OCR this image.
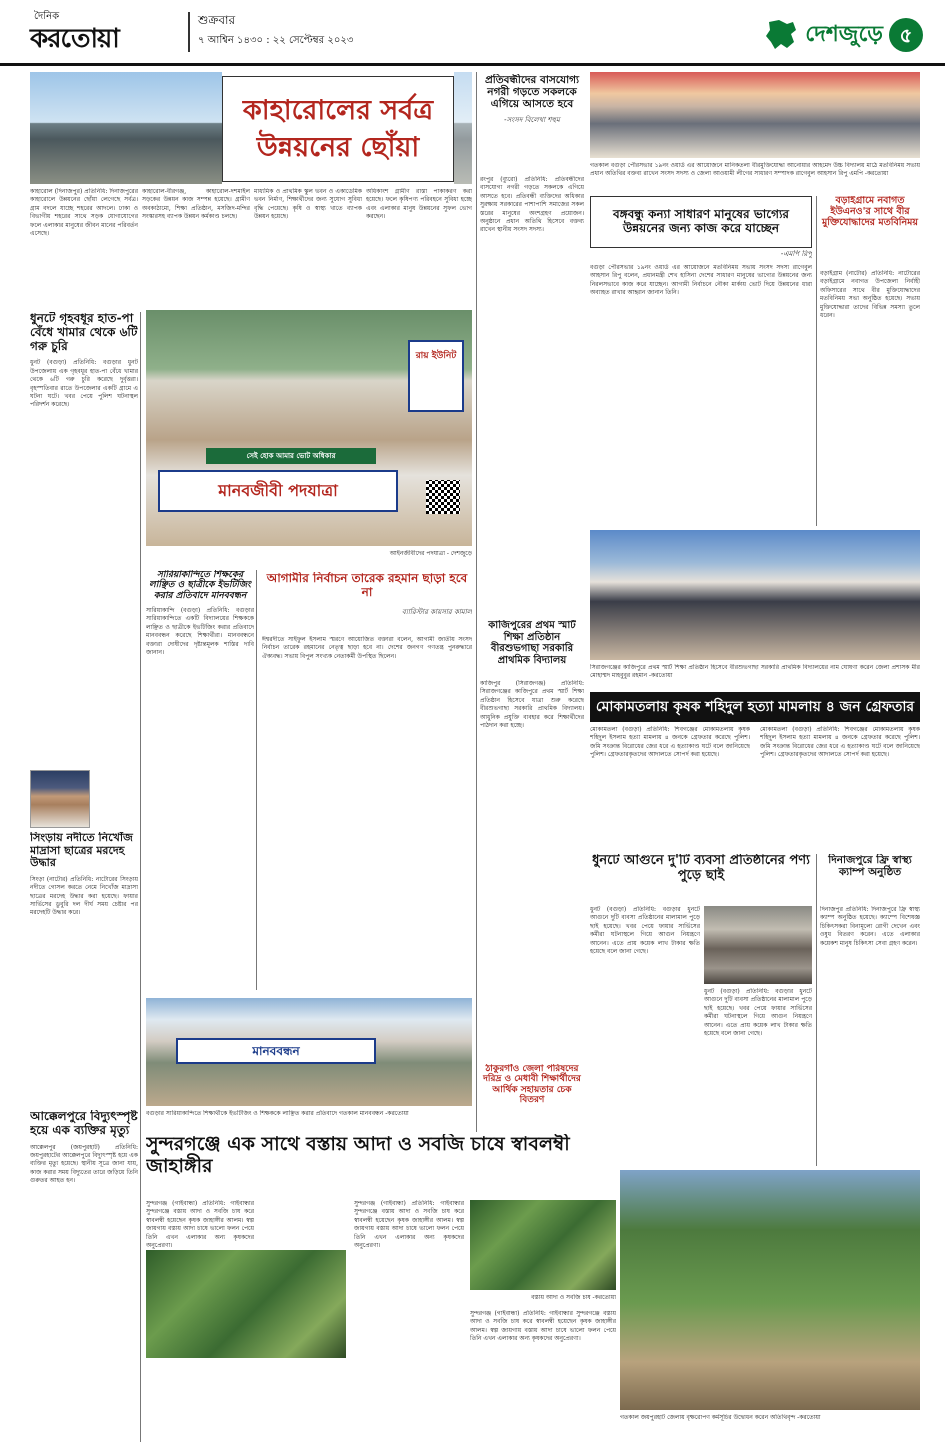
দৈনিক
করতোয়া
শুক্রবার
৭ আশ্বিন ১৪৩০ : ২২ সেপ্টেম্বর ২০২৩	দেশজুড়ে ৫
কাহারোলের সর্বত্র
উন্নয়নের ছোঁয়া
কাহারোল (দিনাজপুর) প্রতিনিধি: দিনাজপুরের কাহারোলে উন্নয়নের ছোঁয়া লেগেছে সর্বত্র। গ্রাম বদলে যাচ্ছে শহরের আদলে। ঢাকা ও বিভাগীয় শহরের সাথে সড়ক যোগাযোগের ফলে এলাকার মানুষের জীবন মানের পরিবর্তন এসেছে।
কাহারোল-বীরগঞ্জ, কাহারোল-দশমাইল সড়কের উন্নয়ন কাজ সম্পন্ন হয়েছে। গ্রামীণ অবকাঠামো, শিক্ষা প্রতিষ্ঠান, মসজিদ-মন্দির সংস্কারসহ ব্যাপক উন্নয়ন কর্মকাণ্ড চলছে।
মাধ্যমিক ও প্রাথমিক স্কুল ভবন ও একাডেমিক ভবন নির্মাণ, শিক্ষার্থীদের জন্য সুযোগ সুবিধা বৃদ্ধি পেয়েছে। কৃষি ও স্বাস্থ্য খাতে ব্যাপক উন্নয়ন হয়েছে।
অধিকাংশ গ্রামীণ রাস্তা পাকাকরণ করা হয়েছে। ফলে কৃষিপণ্য পরিবহনে সুবিধা হচ্ছে এবং এলাকার মানুষ উন্নয়নের সুফল ভোগ করছেন।
ধুনটে গৃহবধূর হাত-পা বেঁধে খামার থেকে ৬টি গরু চুরি
ধুনট (বগুড়া) প্রতিনিধি: বগুড়ার ধুনট উপজেলায় এক গৃহবধূর হাত-পা বেঁধে খামার থেকে ৬টি গরু চুরি করেছে দুর্বৃত্তরা। বৃহস্পতিবার রাতে উপজেলার একটি গ্রামে এ ঘটনা ঘটে। খবর পেয়ে পুলিশ ঘটনাস্থল পরিদর্শন করেছে।
সিংড়ায় নদীতে নিখোঁজ মাদ্রাসা ছাত্রের মরদেহ উদ্ধার
সিংড়া (নাটোর) প্রতিনিধি: নাটোরের সিংড়ায় নদীতে গোসল করতে নেমে নিখোঁজ মাদ্রাসা ছাত্রের মরদেহ উদ্ধার করা হয়েছে। ফায়ার সার্ভিসের ডুবুরি দল দীর্ঘ সময় চেষ্টার পর মরদেহটি উদ্ধার করে।
আক্কেলপুরে বিদ্যুৎস্পৃষ্ট হয়ে এক ব্যক্তির মৃত্যু
আক্কেলপুর (জয়পুরহাট) প্রতিনিধি: জয়পুরহাটের আক্কেলপুরে বিদ্যুৎস্পৃষ্ট হয়ে এক ব্যক্তির মৃত্যু হয়েছে। স্থানীয় সূত্রে জানা যায়, কাজ করার সময় বিদ্যুতের তারে জড়িয়ে তিনি গুরুতর আহত হন।
মানবজীবী পদযাত্রা
সেই হোক আমার ভোট অধিকার
রায় ইউনিট
আইনজীবীদের পদযাত্রা - দেশজুড়ে
সারিয়াকান্দিতে শিক্ষকের লাঞ্ছিত ও ছাত্রীকে ইভটিজিং করার প্রতিবাদে মানববন্ধন
সারিয়াকান্দি (বগুড়া) প্রতিনিধি: বগুড়ার সারিয়াকান্দিতে একটি বিদ্যালয়ের শিক্ষককে লাঞ্ছিত ও ছাত্রীকে ইভটিজিং করার প্রতিবাদে মানববন্ধন করেছে শিক্ষার্থীরা। মানববন্ধনে বক্তারা দোষীদের দৃষ্টান্তমূলক শাস্তির দাবি জানান।
আগামীর নির্বাচন তারেক রহমান ছাড়া হবে না
ব্যারিস্টার কায়সার কামাল
ঈশ্বরদীতে সাইফুল ইসলাম স্মরণে আয়োজিত বক্তারা বলেন, আগামী জাতীয় সংসদ নির্বাচন তারেক রহমানের নেতৃত্ব ছাড়া হবে না। দেশের জনগণ গণতন্ত্র পুনরুদ্ধারে ঐক্যবদ্ধ। সভায় বিপুল সংখ্যক নেতাকর্মী উপস্থিত ছিলেন।
মানববন্ধন
বগুড়ার সারিয়াকান্দিতে শিক্ষার্থীকে ইভটিজিং ও শিক্ষককে লাঞ্ছিত করার প্রতিবাদে গতকাল মানববন্ধন -করতোয়া
সুন্দরগঞ্জে এক সাথে বস্তায় আদা ও সবজি চাষে স্বাবলম্বী জাহাঙ্গীর
সুন্দরগঞ্জ (গাইবান্ধা) প্রতিনিধি: গাইবান্ধার সুন্দরগঞ্জে বস্তায় আদা ও সবজি চাষ করে স্বাবলম্বী হয়েছেন কৃষক জাহাঙ্গীর আলম। স্বল্প জায়গায় বস্তায় আদা চাষে ভালো ফলন পেয়ে তিনি এখন এলাকার অন্য কৃষকদের অনুপ্রেরণা।
সুন্দরগঞ্জ (গাইবান্ধা) প্রতিনিধি: গাইবান্ধার সুন্দরগঞ্জে বস্তায় আদা ও সবজি চাষ করে স্বাবলম্বী হয়েছেন কৃষক জাহাঙ্গীর আলম। স্বল্প জায়গায় বস্তায় আদা চাষে ভালো ফলন পেয়ে তিনি এখন এলাকার অন্য কৃষকদের অনুপ্রেরণা।
বস্তায় আদা ও সবজি চাষ -করতোয়া
সুন্দরগঞ্জ (গাইবান্ধা) প্রতিনিধি: গাইবান্ধার সুন্দরগঞ্জে বস্তায় আদা ও সবজি চাষ করে স্বাবলম্বী হয়েছেন কৃষক জাহাঙ্গীর আলম। স্বল্প জায়গায় বস্তায় আদা চাষে ভালো ফলন পেয়ে তিনি এখন এলাকার অন্য কৃষকদের অনুপ্রেরণা।
প্রতিবন্ধীদের বাসযোগ্য নগরী গড়তে সকলকে এগিয়ে আসতে হবে
-সংসদ বিলেখা শহুম
রংপুর (ব্যুরো) প্রতিনিধি: প্রতিবন্ধীদের বাসযোগ্য নগরী গড়তে সকলকে এগিয়ে আসতে হবে। প্রতিবন্ধী ব্যক্তিদের অধিকার সুরক্ষায় সরকারের পাশাপাশি সমাজের সকল স্তরের মানুষের অংশগ্রহণ প্রয়োজন। অনুষ্ঠানে প্রধান অতিথি হিসেবে বক্তব্য রাখেন স্থানীয় সংসদ সদস্য।
কাজিপুরের প্রথম স্মার্ট শিক্ষা প্রতিষ্ঠান বীরশুভগাছা সরকারি প্রাথমিক বিদ্যালয়
কাজিপুর (সিরাজগঞ্জ) প্রতিনিধি: সিরাজগঞ্জের কাজিপুরে প্রথম স্মার্ট শিক্ষা প্রতিষ্ঠান হিসেবে যাত্রা শুরু করেছে বীরশুভগাছা সরকারি প্রাথমিক বিদ্যালয়। আধুনিক প্রযুক্তি ব্যবহার করে শিক্ষার্থীদের পাঠদান করা হচ্ছে।
ঠাকুরগাঁও জেলা পরিষদের দরিদ্র ও মেধাবী শিক্ষার্থীদের আর্থিক সহায়তার চেক বিতরণ
গতকাল বগুড়া পৌরসভার ১৯নং ওয়ার্ড এর আয়োজনে মানিকতলা বীরমুক্তিযোদ্ধা আনোয়ার আহমেদ উচ্চ বিদ্যালয় মাঠে মতবিনিময় সভায় প্রধান অতিথির বক্তব্য রাখেন সংসদ সদস্য ও জেলা আওয়ামী লীগের সাধারণ সম্পাদক রাগেবুল আহসান রিপু এমপি -করতোয়া
বঙ্গবন্ধু কন্যা সাধারণ মানুষের ভাগ্যের উন্নয়নের জন্য কাজ করে যাচ্ছেন
-এমপি রিপু
বগুড়া পৌরসভার ১৯নং ওয়ার্ড এর আয়োজনে মতবিনিময় সভায় সংসদ সদস্য রাগেবুল আহসান রিপু বলেন, প্রধানমন্ত্রী শেখ হাসিনা দেশের সাধারণ মানুষের ভাগ্যের উন্নয়নের জন্য নিরলসভাবে কাজ করে যাচ্ছেন। আগামী নির্বাচনে নৌকা মার্কায় ভোট দিয়ে উন্নয়নের ধারা অব্যাহত রাখার আহ্বান জানান তিনি।
বড়াইগ্রামে নবাগত ইউএনও'র সাথে বীর মুক্তিযোদ্ধাদের মতবিনিময়
বড়াইগ্রাম (নাটোর) প্রতিনিধি: নাটোরের বড়াইগ্রামে নবাগত উপজেলা নির্বাহী অফিসারের সাথে বীর মুক্তিযোদ্ধাদের মতবিনিময় সভা অনুষ্ঠিত হয়েছে। সভায় মুক্তিযোদ্ধারা তাদের বিভিন্ন সমস্যা তুলে ধরেন।
সিরাজগঞ্জের কাজিপুরে প্রথম স্মার্ট শিক্ষা প্রতিষ্ঠান হিসেবে বীরশুভগাছা সরকারি প্রাথমিক বিদ্যালয়ের নাম ঘোষণা করেন জেলা প্রশাসক মীর মোহাম্মদ মাহবুবুর রহমান -করতোয়া
মোকামতলায় কৃষক শহিদুল হত্যা মামলায় ৪ জন গ্রেফতার
মোকামতলা (বগুড়া) প্রতিনিধি: শিবগঞ্জের মোকামতলায় কৃষক শহিদুল ইসলাম হত্যা মামলায় ৪ জনকে গ্রেফতার করেছে পুলিশ। জমি সংক্রান্ত বিরোধের জের ধরে এ হত্যাকাণ্ড ঘটে বলে জানিয়েছে পুলিশ। গ্রেফতারকৃতদের আদালতে সোপর্দ করা হয়েছে।
মোকামতলা (বগুড়া) প্রতিনিধি: শিবগঞ্জের মোকামতলায় কৃষক শহিদুল ইসলাম হত্যা মামলায় ৪ জনকে গ্রেফতার করেছে পুলিশ। জমি সংক্রান্ত বিরোধের জের ধরে এ হত্যাকাণ্ড ঘটে বলে জানিয়েছে পুলিশ। গ্রেফতারকৃতদের আদালতে সোপর্দ করা হয়েছে।
ধুনটে আগুনে দু'টি ব্যবসা প্রতিষ্ঠানের পণ্য পুড়ে ছাই
ধুনট (বগুড়া) প্রতিনিধি: বগুড়ার ধুনটে আগুনে দুটি ব্যবসা প্রতিষ্ঠানের মালামাল পুড়ে ছাই হয়েছে। খবর পেয়ে ফায়ার সার্ভিসের কর্মীরা ঘটনাস্থলে গিয়ে আগুন নিয়ন্ত্রণে আনেন। এতে প্রায় কয়েক লাখ টাকার ক্ষতি হয়েছে বলে জানা গেছে।
ধুনট (বগুড়া) প্রতিনিধি: বগুড়ার ধুনটে আগুনে দুটি ব্যবসা প্রতিষ্ঠানের মালামাল পুড়ে ছাই হয়েছে। খবর পেয়ে ফায়ার সার্ভিসের কর্মীরা ঘটনাস্থলে গিয়ে আগুন নিয়ন্ত্রণে আনেন। এতে প্রায় কয়েক লাখ টাকার ক্ষতি হয়েছে বলে জানা গেছে।
দিনাজপুরে ফ্রি স্বাস্থ্য ক্যাম্প অনুষ্ঠিত
দিনাজপুর প্রতিনিধি: দিনাজপুরে ফ্রি স্বাস্থ্য ক্যাম্প অনুষ্ঠিত হয়েছে। ক্যাম্পে বিশেষজ্ঞ চিকিৎসকরা বিনামূল্যে রোগী দেখেন এবং ওষুধ বিতরণ করেন। এতে এলাকার কয়েকশ মানুষ চিকিৎসা সেবা গ্রহণ করেন।
গতকাল জয়পুরহাট জেলায় বৃক্ষরোপণ কর্মসূচির উদ্বোধন করেন অতিথিবৃন্দ -করতোয়া
